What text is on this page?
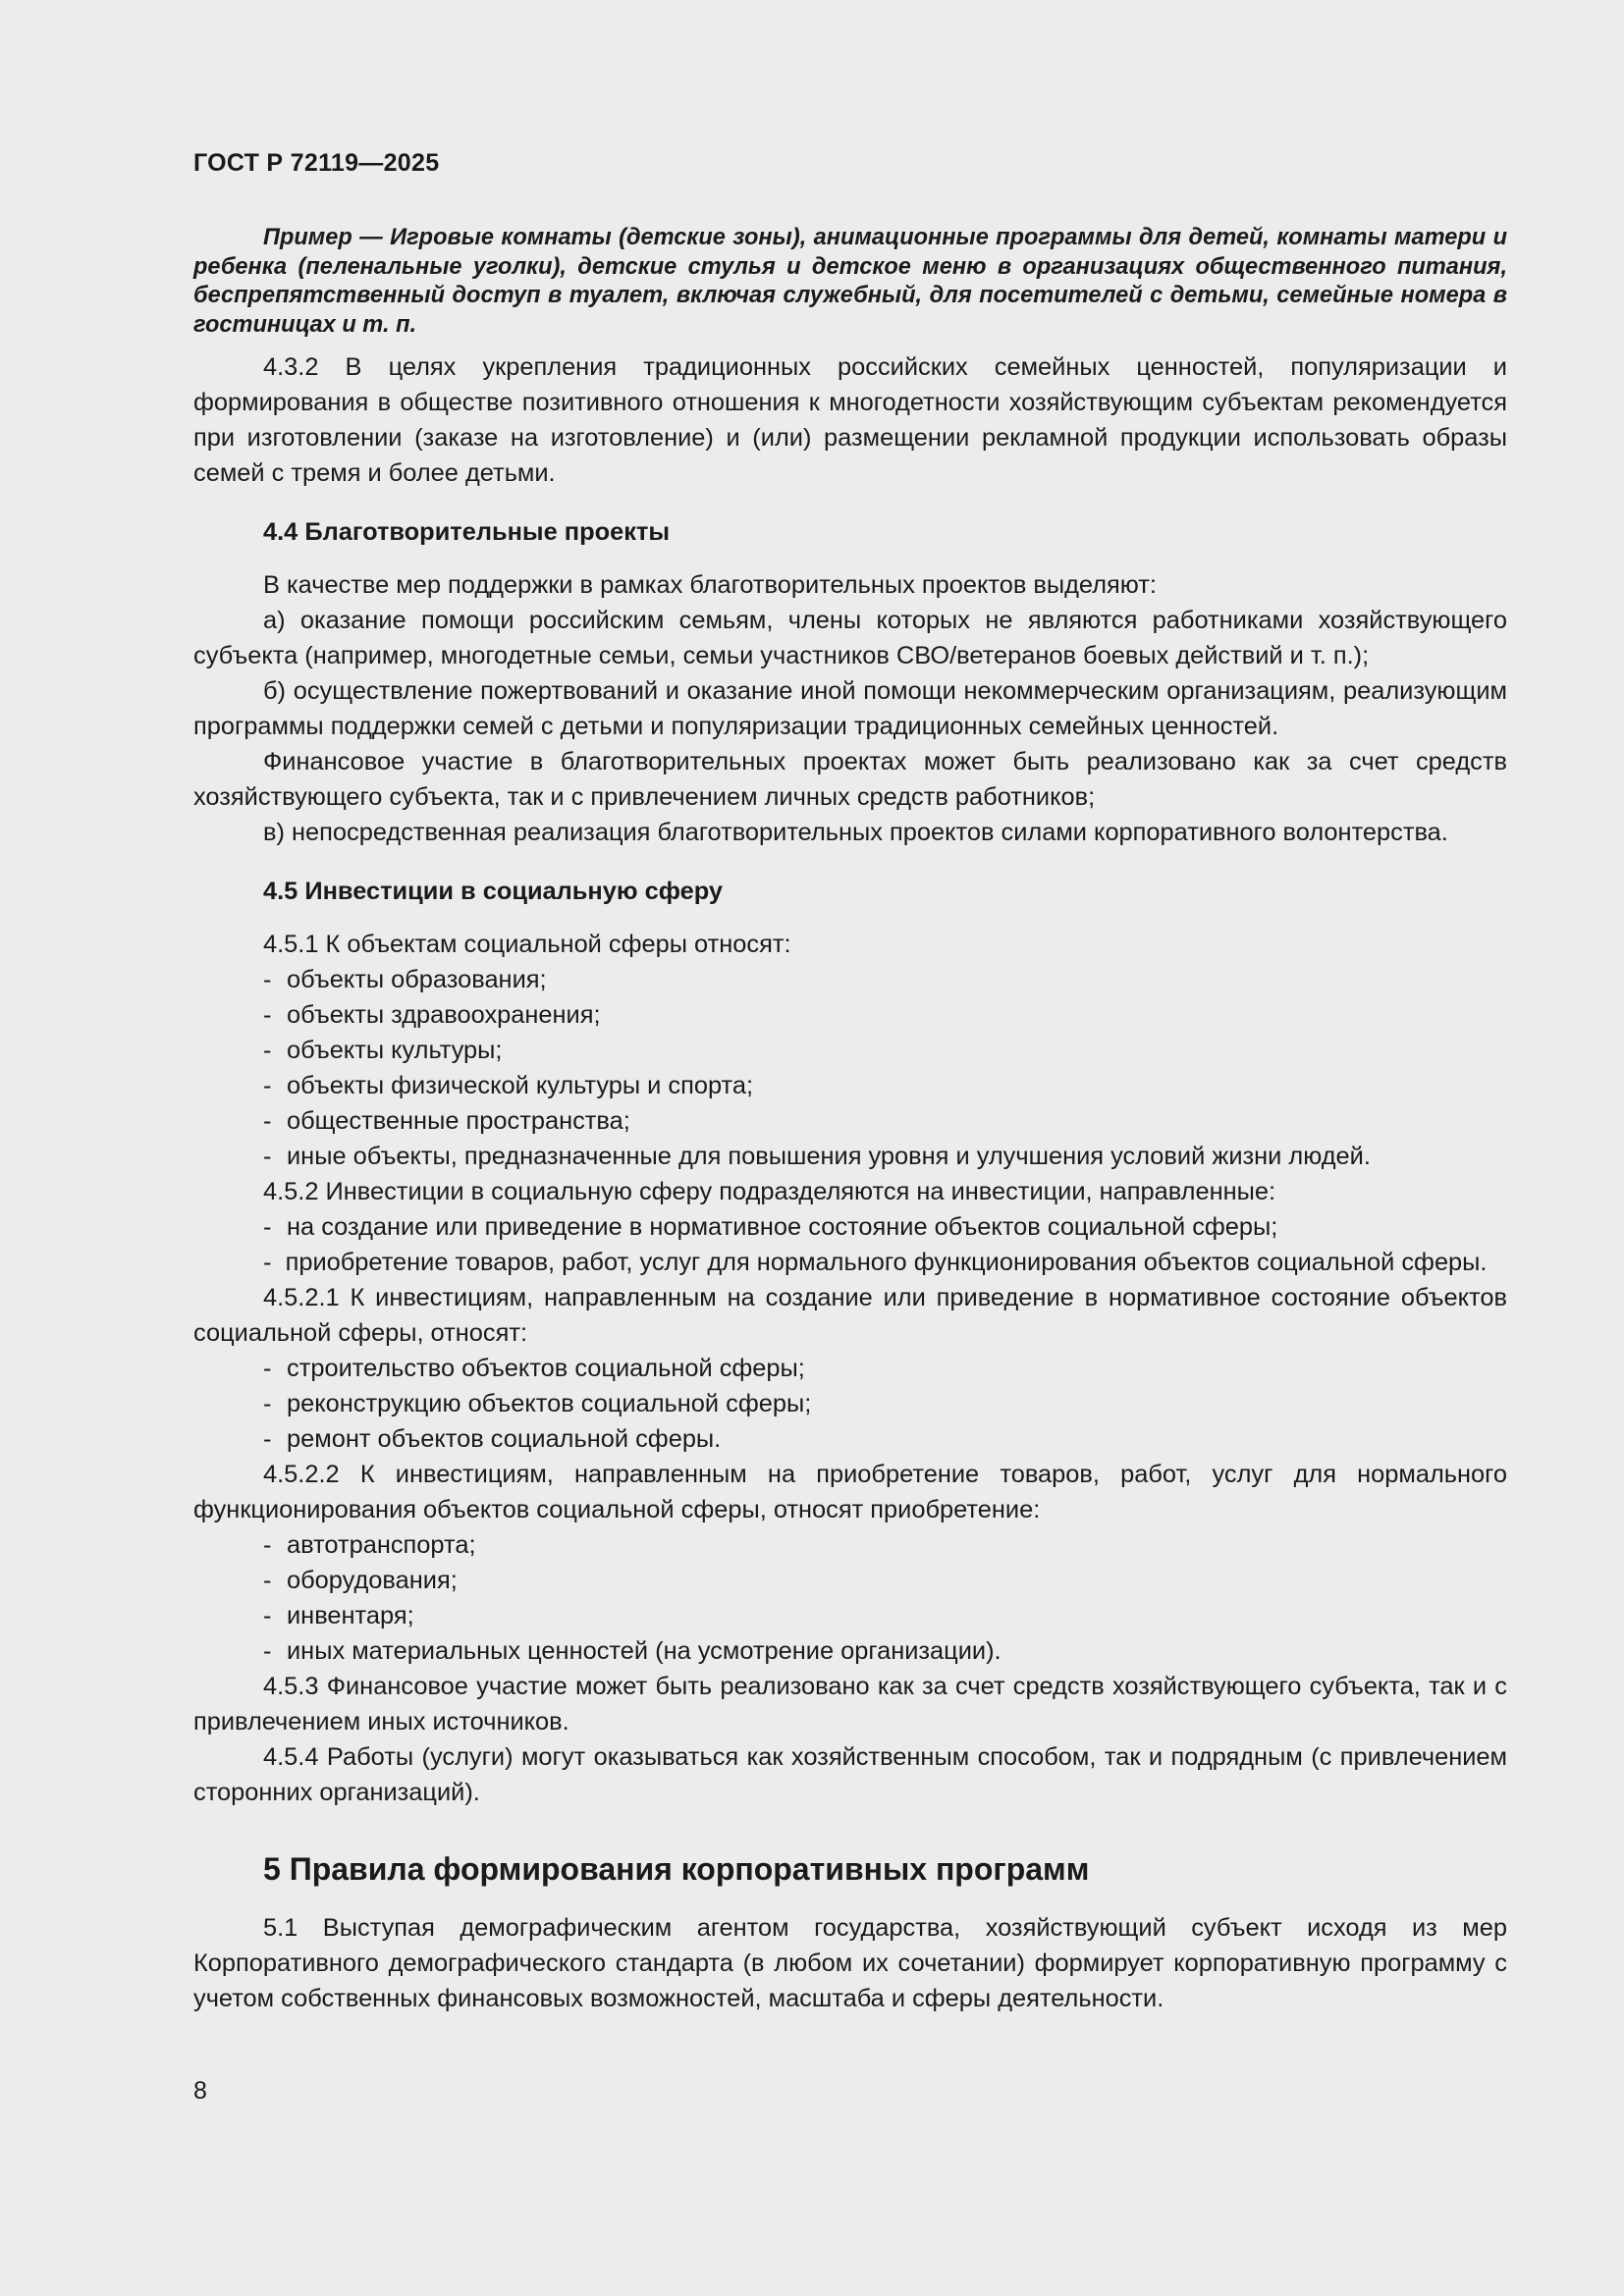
ГОСТ Р 72119—2025

Пример — Игровые комнаты (детские зоны), анимационные программы для детей, комнаты матери и ребенка (пеленальные уголки), детские стулья и детское меню в организациях общественного питания, беспрепятственный доступ в туалет, включая служебный, для посетителей с детьми, семейные номера в гостиницах и т. п.

4.3.2 В целях укрепления традиционных российских семейных ценностей, популяризации и формирования в обществе позитивного отношения к многодетности хозяйствующим субъектам рекомендуется при изготовлении (заказе на изготовление) и (или) размещении рекламной продукции использовать образы семей с тремя и более детьми.

4.4 Благотворительные проекты

В качестве мер поддержки в рамках благотворительных проектов выделяют:

а) оказание помощи российским семьям, члены которых не являются работниками хозяйствующего субъекта (например, многодетные семьи, семьи участников СВО/ветеранов боевых действий и т. п.);

б) осуществление пожертвований и оказание иной помощи некоммерческим организациям, реализующим программы поддержки семей с детьми и популяризации традиционных семейных ценностей.

Финансовое участие в благотворительных проектах может быть реализовано как за счет средств хозяйствующего субъекта, так и с привлечением личных средств работников;

в) непосредственная реализация благотворительных проектов силами корпоративного волонтерства.

4.5 Инвестиции в социальную сферу

4.5.1 К объектам социальной сферы относят:

- объекты образования;

- объекты здравоохранения;

- объекты культуры;

- объекты физической культуры и спорта;

- общественные пространства;

- иные объекты, предназначенные для повышения уровня и улучшения условий жизни людей.

4.5.2 Инвестиции в социальную сферу подразделяются на инвестиции, направленные:

- на создание или приведение в нормативное состояние объектов социальной сферы;

-  приобретение товаров, работ, услуг для нормального функционирования объектов социальной сферы.

4.5.2.1 К инвестициям, направленным на создание или приведение в нормативное состояние объектов социальной сферы, относят:

- строительство объектов социальной сферы;

- реконструкцию объектов социальной сферы;

- ремонт объектов социальной сферы.

4.5.2.2 К инвестициям, направленным на приобретение товаров, работ, услуг для нормального функционирования объектов социальной сферы, относят приобретение:

- автотранспорта;

- оборудования;

- инвентаря;

- иных материальных ценностей (на усмотрение организации).

4.5.3 Финансовое участие может быть реализовано как за счет средств хозяйствующего субъекта, так и с привлечением иных источников.

4.5.4 Работы (услуги) могут оказываться как хозяйственным способом, так и подрядным (с привлечением сторонних организаций).

5 Правила формирования корпоративных программ

5.1 Выступая демографическим агентом государства, хозяйствующий субъект исходя из мер Корпоративного демографического стандарта (в любом их сочетании) формирует корпоративную программу с учетом собственных финансовых возможностей, масштаба и сферы деятельности.

8
